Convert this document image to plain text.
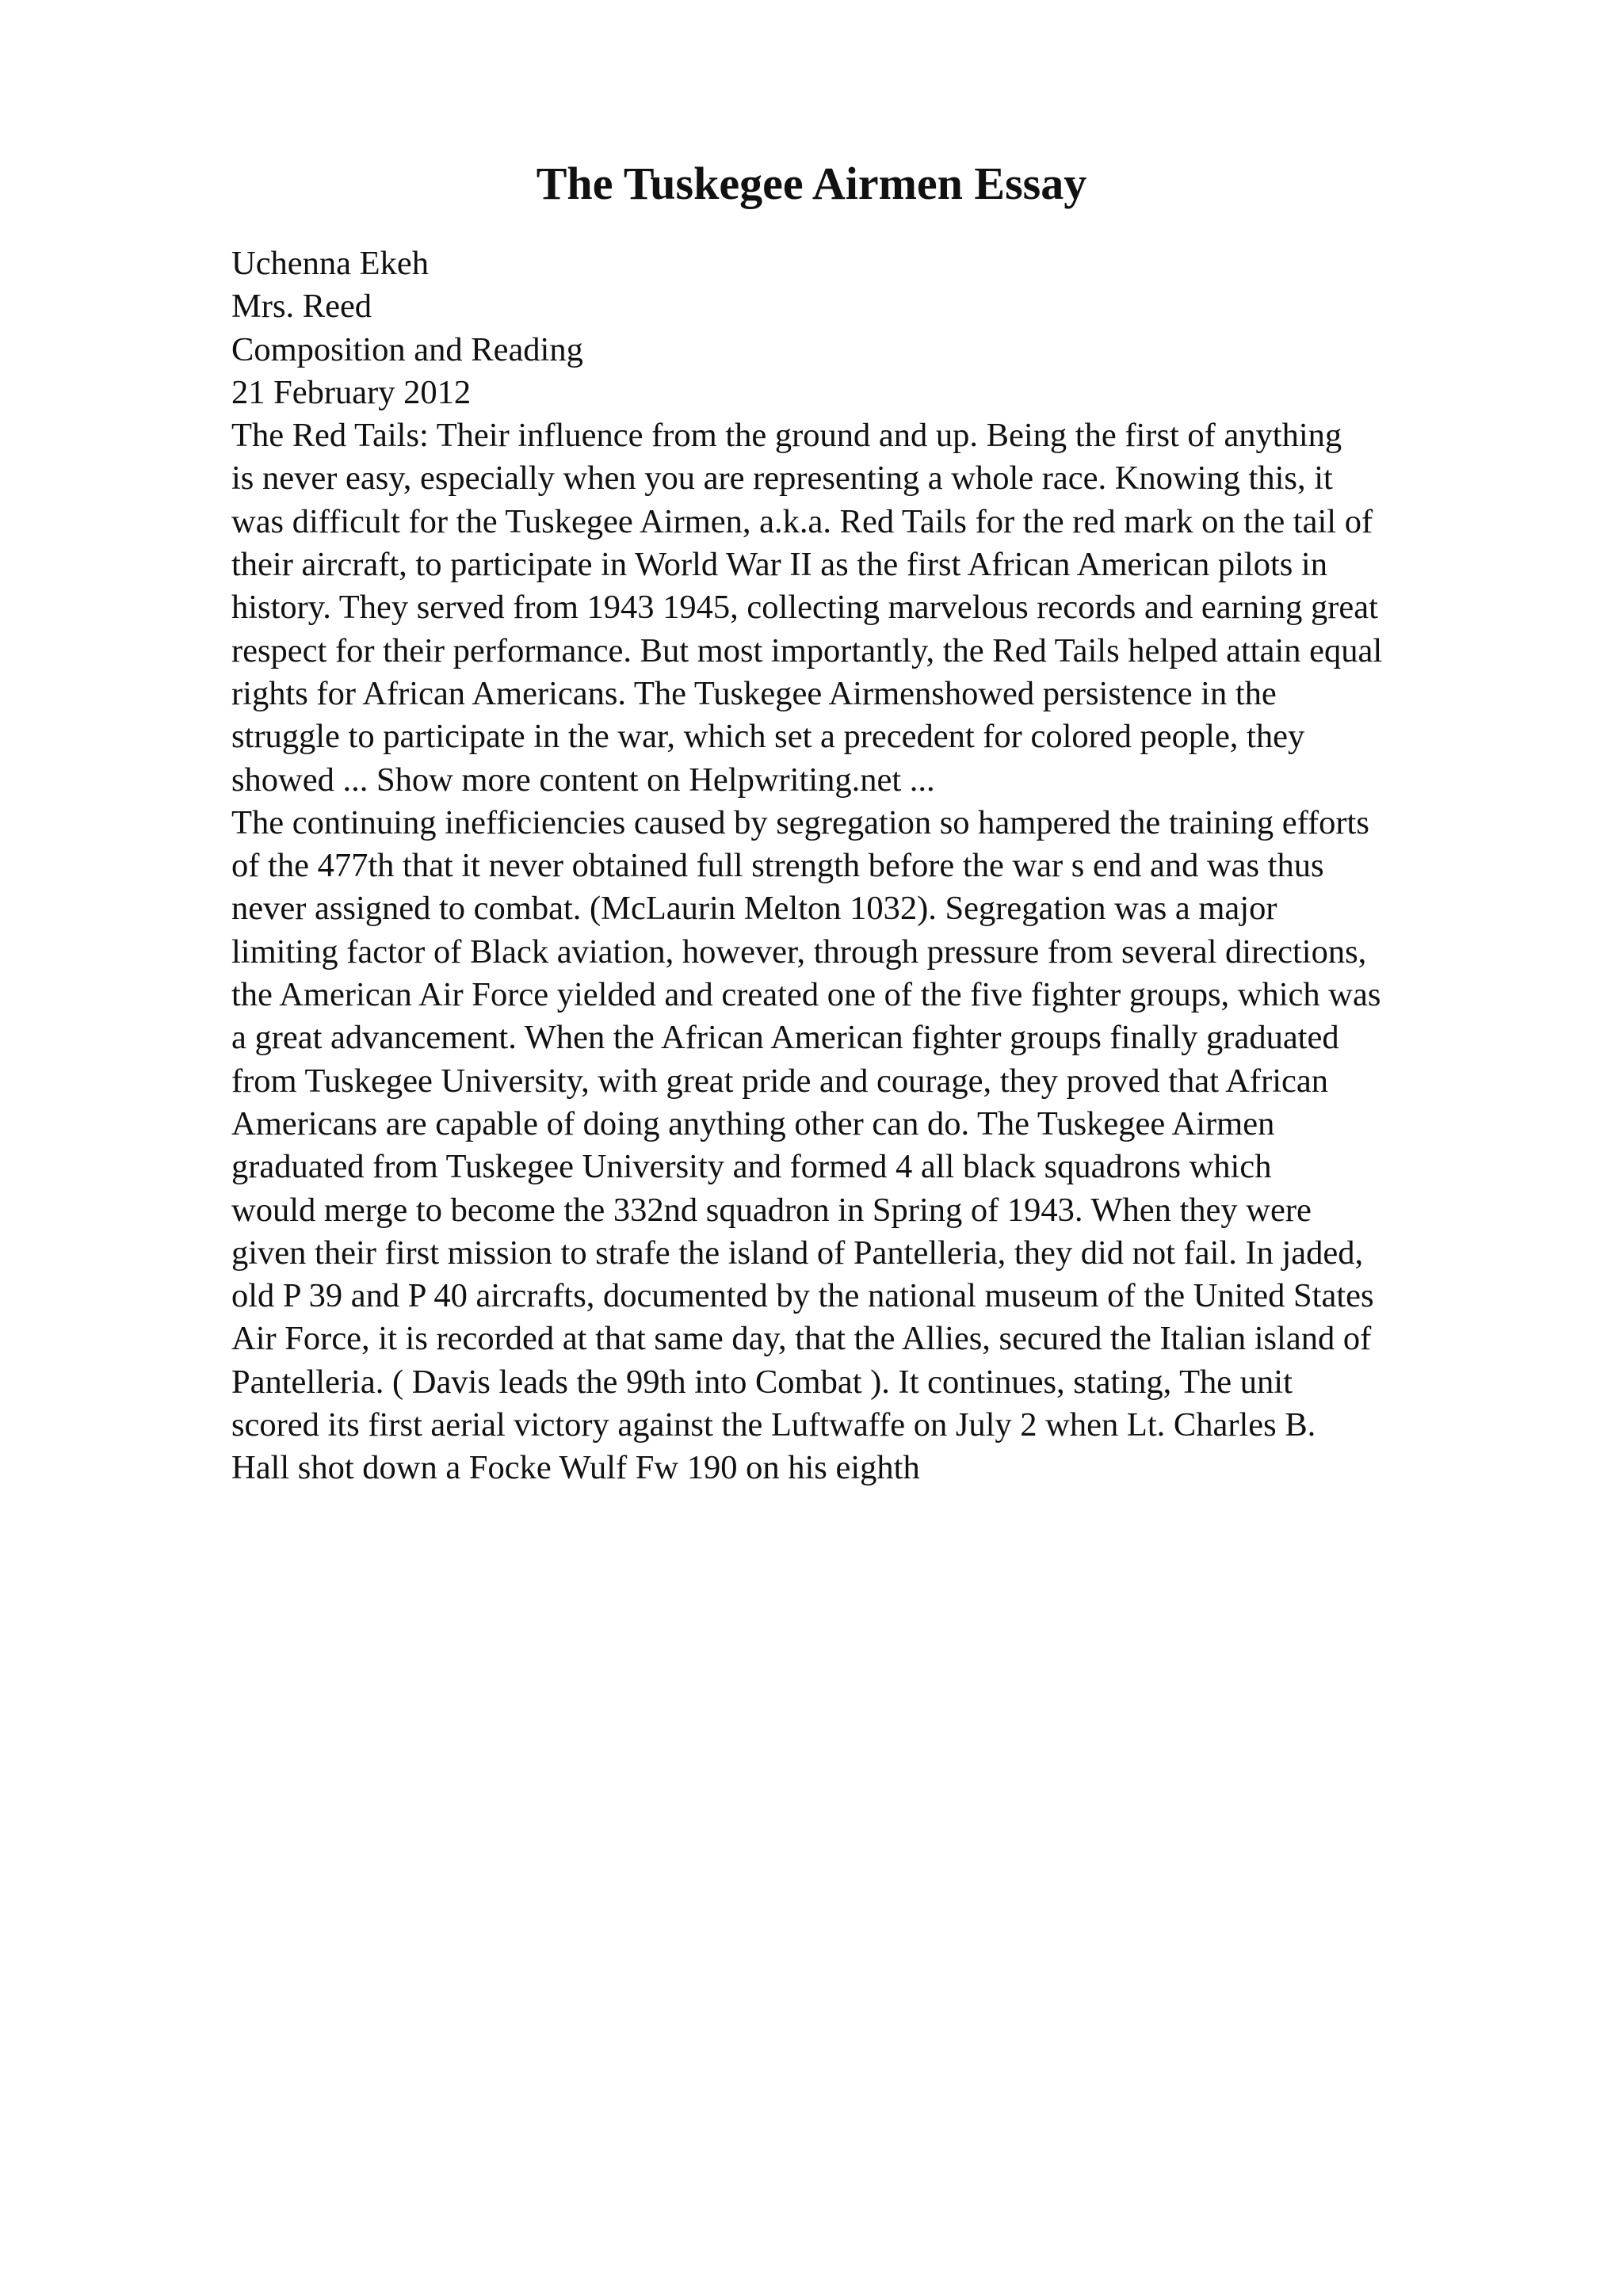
The Tuskegee Airmen Essay
Uchenna Ekeh
Mrs. Reed
Composition and Reading
21 February 2012
The Red Tails: Their influence from the ground and up. Being the first of anything
is never easy, especially when you are representing a whole race. Knowing this, it
was difficult for the Tuskegee Airmen, a.k.a. Red Tails for the red mark on the tail of
their aircraft, to participate in World War II as the first African American pilots in
history. They served from 1943 1945, collecting marvelous records and earning great
respect for their performance. But most importantly, the Red Tails helped attain equal
rights for African Americans. The Tuskegee Airmenshowed persistence in the
struggle to participate in the war, which set a precedent for colored people, they
showed ... Show more content on Helpwriting.net ...
The continuing inefficiencies caused by segregation so hampered the training efforts
of the 477th that it never obtained full strength before the war s end and was thus
never assigned to combat. (McLaurin Melton 1032). Segregation was a major
limiting factor of Black aviation, however, through pressure from several directions,
the American Air Force yielded and created one of the five fighter groups, which was
a great advancement. When the African American fighter groups finally graduated
from Tuskegee University, with great pride and courage, they proved that African
Americans are capable of doing anything other can do. The Tuskegee Airmen
graduated from Tuskegee University and formed 4 all black squadrons which
would merge to become the 332nd squadron in Spring of 1943. When they were
given their first mission to strafe the island of Pantelleria, they did not fail. In jaded,
old P 39 and P 40 aircrafts, documented by the national museum of the United States
Air Force, it is recorded at that same day, that the Allies, secured the Italian island of
Pantelleria. ( Davis leads the 99th into Combat ). It continues, stating, The unit
scored its first aerial victory against the Luftwaffe on July 2 when Lt. Charles B.
Hall shot down a Focke Wulf Fw 190 on his eighth
